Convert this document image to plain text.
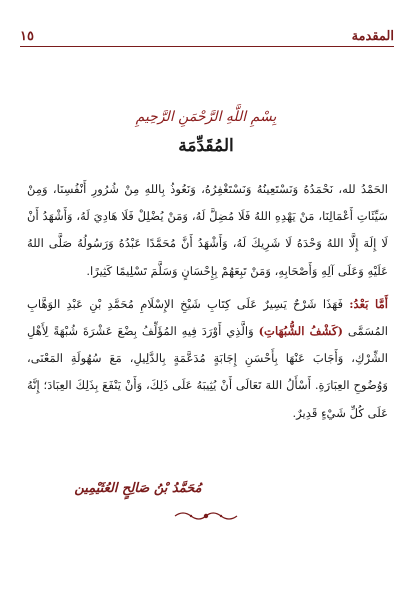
١٥	المقدمة
بِسْمِ اللَّهِ الرَّحْمَنِ الرَّحِيمِ
المُقَدِّمَة

الحَمْدُ لله، نَحْمَدُهُ وَنَسْتَعِينُهُ وَنَسْتَغْفِرُهُ، وَنَعُوذُ بِاللهِ مِنْ شُرُورِ أَنْفُسِنَا، وَمِنْ سَيِّئَاتِ أَعْمَالِنَا، مَنْ يَهْدِهِ اللهُ فَلَا مُضِلَّ لَهُ، وَمَنْ يُضْلِلْ فَلَا هَادِيَ لَهُ، وَأَشْهَدُ أَنْ لَا إِلَهَ إِلَّا اللهُ وَحْدَهُ لَا شَرِيكَ لَهُ، وَأَشْهَدُ أَنَّ مُحَمَّدًا عَبْدُهُ وَرَسُولُهُ صَلَّى اللهُ عَلَيْهِ وَعَلَى آلِهِ وَأَصْحَابِهِ، وَمَنْ تَبِعَهُمْ بِإِحْسَانٍ وَسَلَّمَ تَسْلِيمًا كَثِيرًا.

أَمَّا بَعْدُ: فَهَذَا شَرْحٌ يَسِيرٌ عَلَى كِتَابِ شَيْخِ الإِسْلَامِ مُحَمَّدِ بْنِ عَبْدِ الوَهَّابِ المُسَمَّى (كَشْفُ الشُّبُهَاتِ) وَالَّذِي أَوْرَدَ فِيهِ المُؤَلِّفُ بِضْعَ عَشْرَةَ شُبْهَةً لِأَهْلِ الشِّرْكِ، وَأَجَابَ عَنْهَا بِأَحْسَنِ إِجَابَةٍ مُدَعَّمَةٍ بِالدَّلِيلِ، مَعَ سُهُولَةِ المَعْنَى، وَوُضُوحِ العِبَارَةِ. أَسْأَلُ اللهَ تَعَالَى أَنْ يُثِيبَهُ عَلَى ذَلِكَ، وَأَنْ يَنْفَعَ بِذَلِكَ العِبَادَ؛ إِنَّهُ عَلَى كُلِّ شَيْءٍ قَدِيرٌ.

مُحَمَّدُ بْنُ صَالِحٍ العُثَيْمِين
